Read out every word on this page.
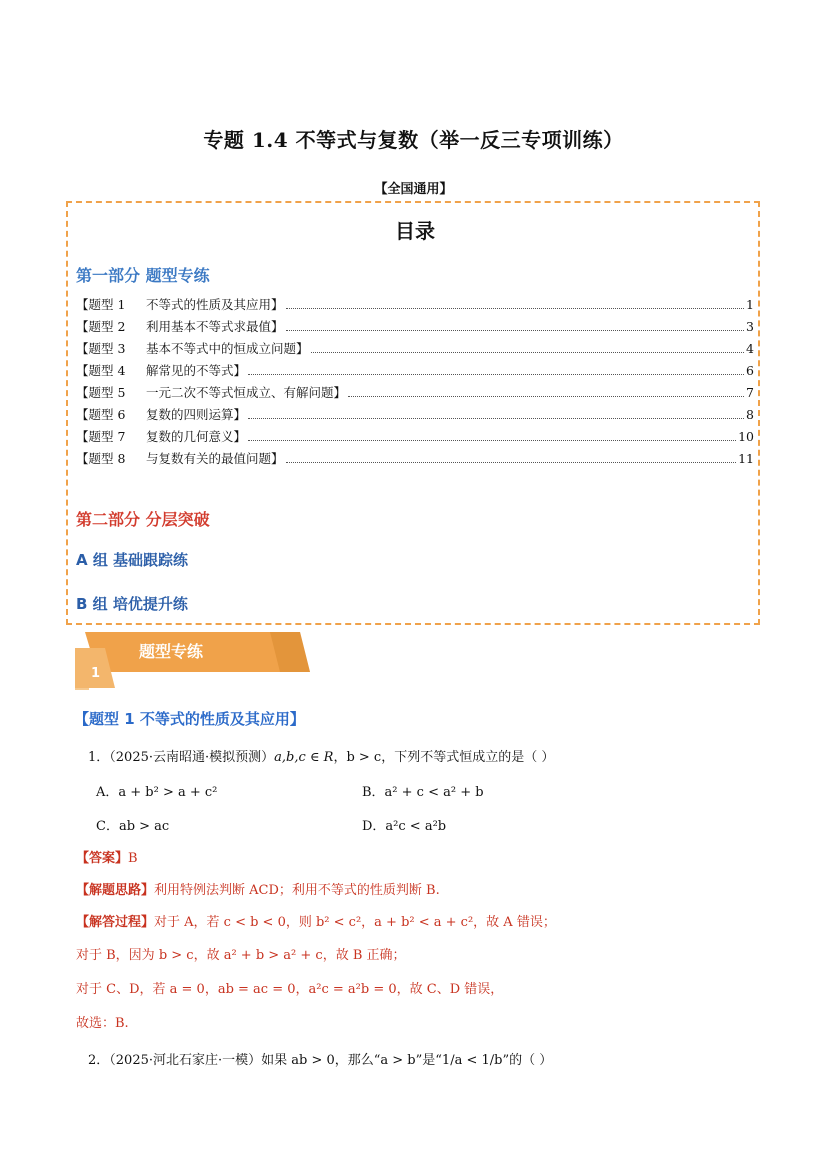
专题 1.4 不等式与复数（举一反三专项训练）
【全国通用】
目录
第一部分 题型专练
【题型 1	不等式的性质及其应用】	1
【题型 2	利用基本不等式求最值】	3
【题型 3	基本不等式中的恒成立问题】	4
【题型 4	解常见的不等式】	6
【题型 5	一元二次不等式恒成立、有解问题】	7
【题型 6	复数的四则运算】	8
【题型 7	复数的几何意义】	10
【题型 8	与复数有关的最值问题】	11
第二部分 分层突破
A 组 基础跟踪练
B 组 培优提升练
题型专练
1
【题型 1 不等式的性质及其应用】
1．（2025·云南昭通·模拟预测）a,b,c ∈ R，b > c，下列不等式恒成立的是（ ）
A．a + b² > a + c²	B．a² + c < a² + b
C．ab > ac	D．a²c < a²b
【答案】B
【解题思路】利用特例法判断 ACD；利用不等式的性质判断 B.
【解答过程】对于 A，若 c < b < 0，则 b² < c²，a + b² < a + c²，故 A 错误；
对于 B，因为 b > c，故 a² + b > a² + c，故 B 正确；
对于 C、D，若 a = 0，ab = ac = 0，a²c = a²b = 0，故 C、D 错误，
故选：B.
2．（2025·河北石家庄·一模）如果 ab > 0，那么“a > b”是“1/a < 1/b”的（ ）
